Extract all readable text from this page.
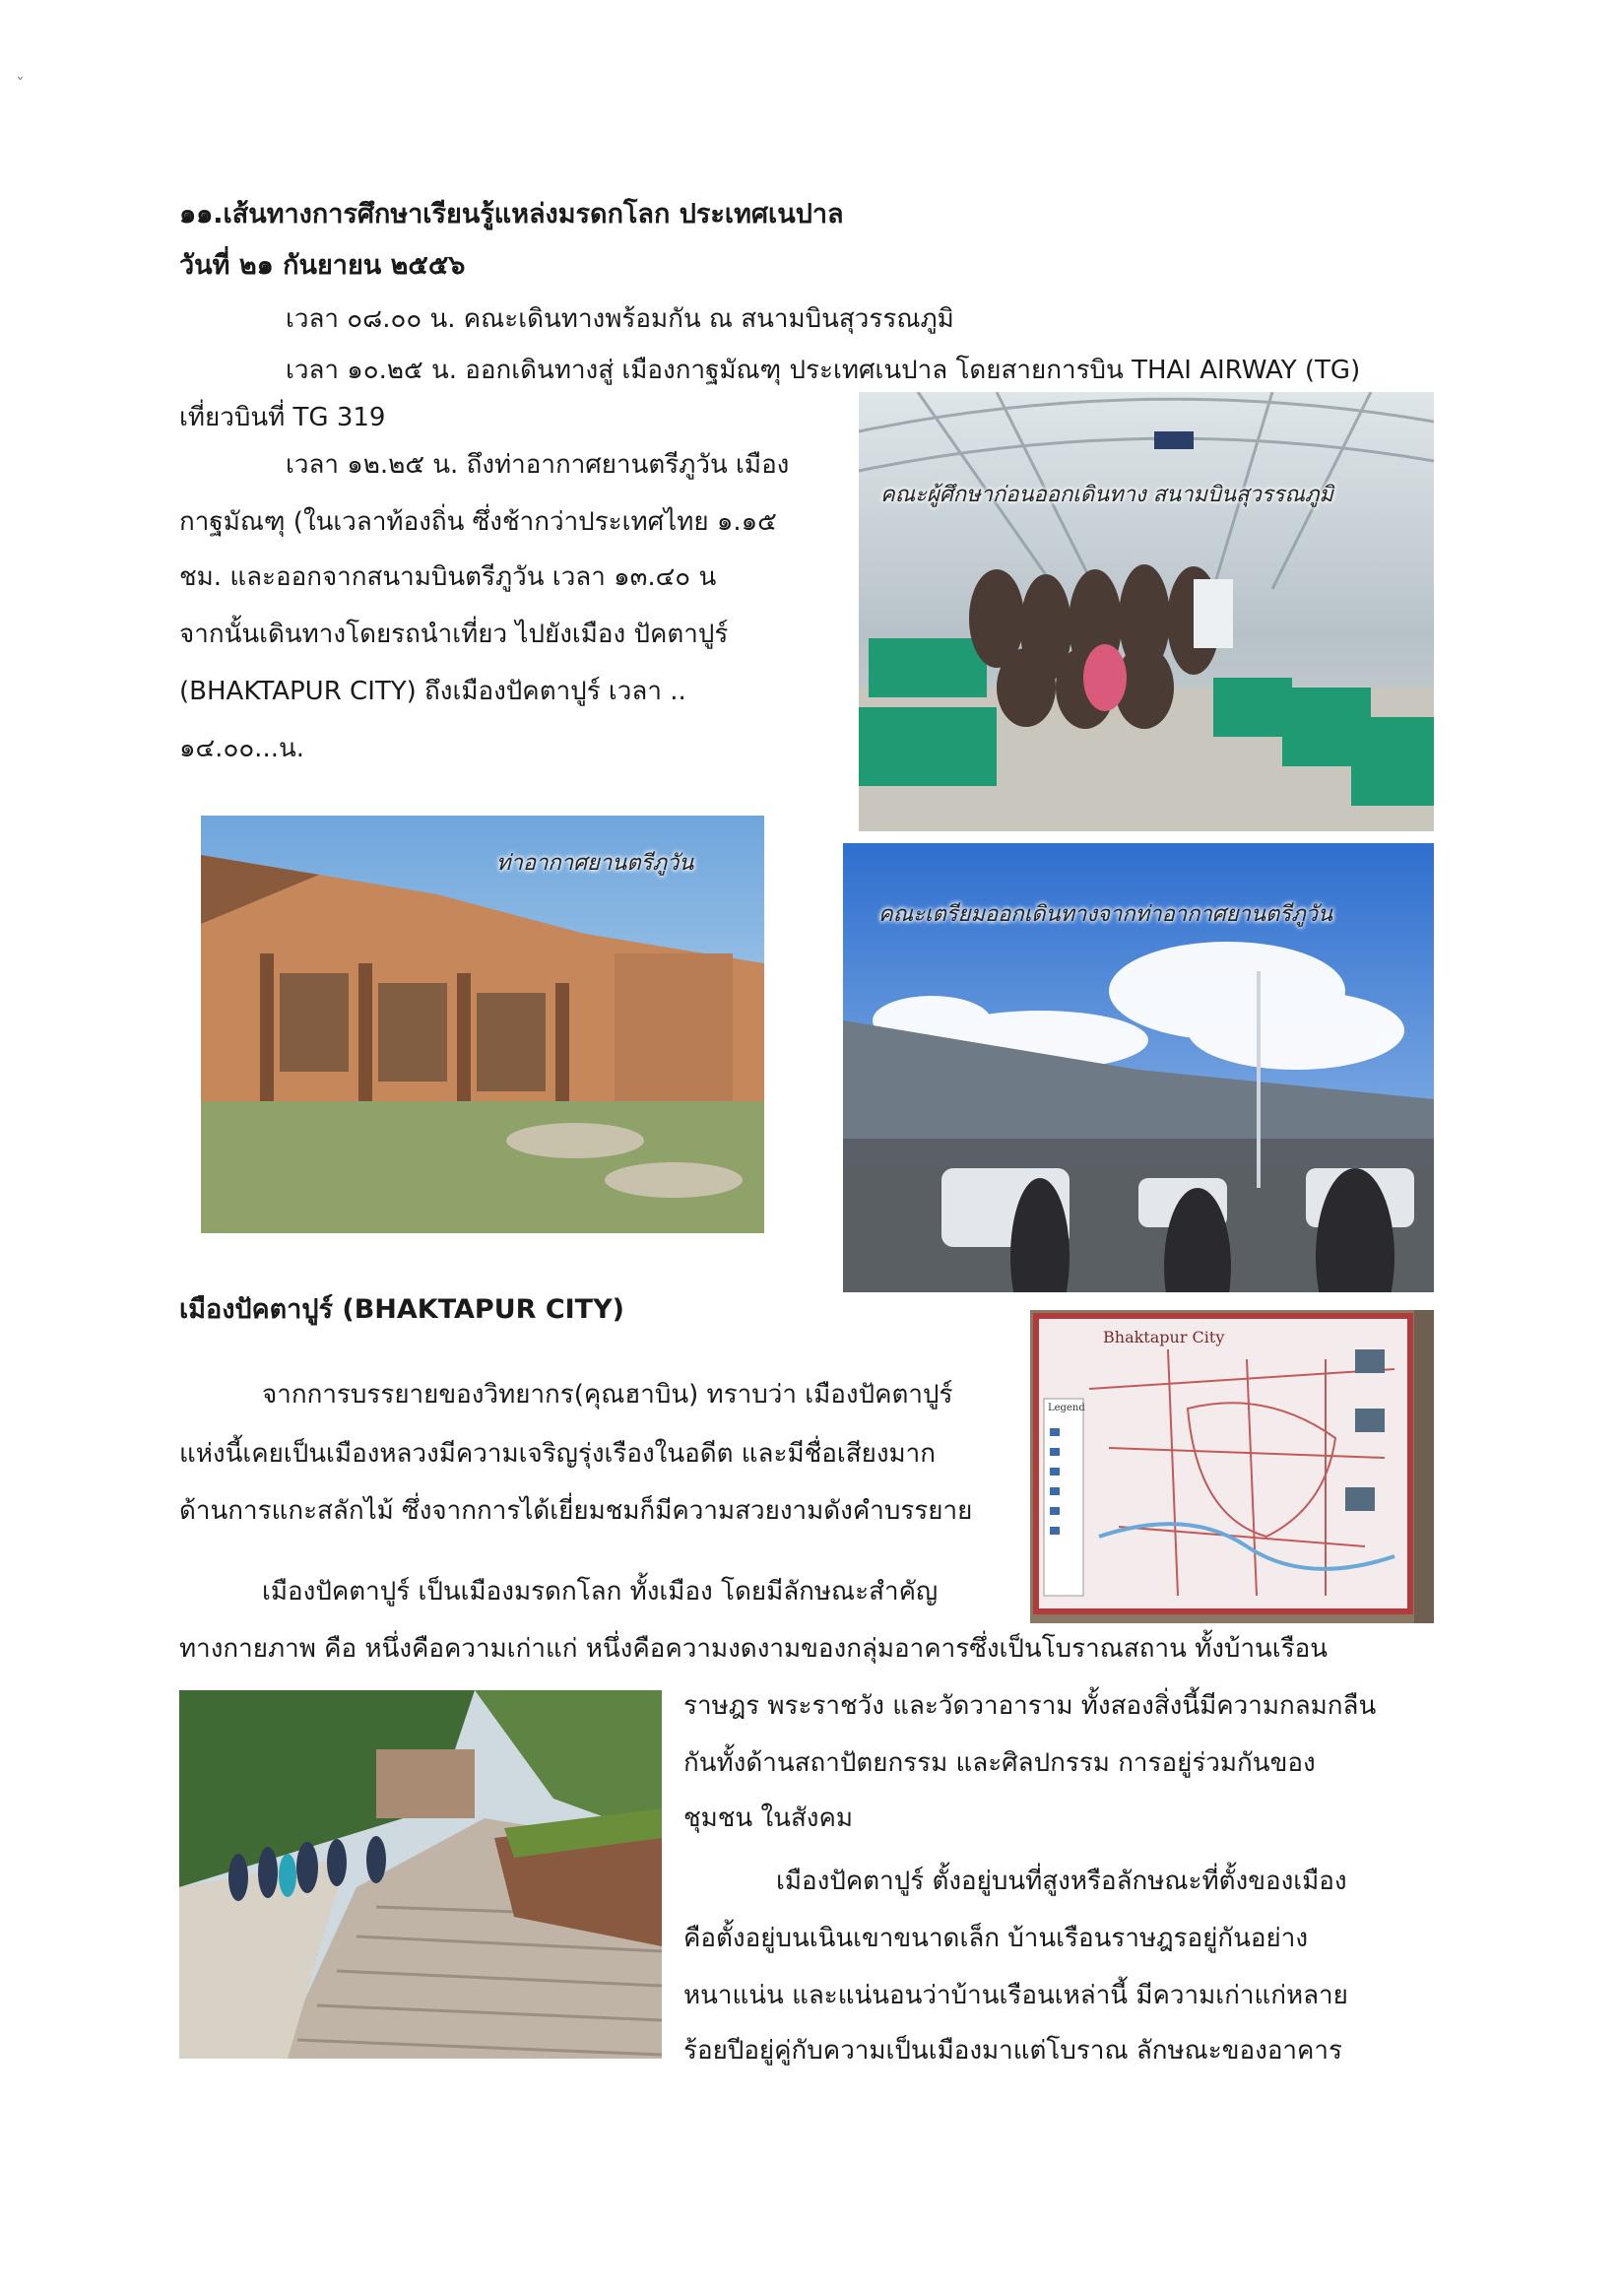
ˇ

๑๑.เส้นทางการศึกษาเรียนรู้แหล่งมรดกโลก ประเทศเนปาล

วันที่ ๒๑ กันยายน ๒๕๕๖

เวลา ๐๘.๐๐ น. คณะเดินทางพร้อมกัน ณ สนามบินสุวรรณภูมิ

เวลา ๑๐.๒๕ น. ออกเดินทางสู่ เมืองกาฐมัณฑุ ประเทศเนปาล โดยสายการบิน THAI AIRWAY (TG)

เที่ยวบินที่ TG 319

เวลา ๑๒.๒๕ น. ถึงท่าอากาศยานตรีภูวัน เมือง

กาฐมัณฑุ (ในเวลาท้องถิ่น ซึ่งช้ากว่าประเทศไทย ๑.๑๕

ชม. และออกจากสนามบินตรีภูวัน เวลา ๑๓.๔๐ น

จากนั้นเดินทางโดยรถนำเที่ยว ไปยังเมือง ปัคตาปูร์

(BHAKTAPUR CITY) ถึงเมืองปัคตาปูร์ เวลา ..

๑๔.๐๐...น.

คณะผู้ศึกษาก่อนออกเดินทาง สนามบินสุวรรณภูมิ
ท่าอากาศยานตรีภูวัน
คณะเตรียมออกเดินทางจากท่าอากาศยานตรีภูวัน

เมืองปัคตาปูร์ (BHAKTAPUR CITY)

จากการบรรยายของวิทยากร(คุณฮาบิน) ทราบว่า เมืองปัคตาปูร์

แห่งนี้เคยเป็นเมืองหลวงมีความเจริญรุ่งเรืองในอดีต และมีชื่อเสียงมาก

ด้านการแกะสลักไม้ ซึ่งจากการได้เยี่ยมชมก็มีความสวยงามดังคำบรรยาย

Bhaktapur City
Legend

เมืองปัคตาปูร์ เป็นเมืองมรดกโลก ทั้งเมือง โดยมีลักษณะสำคัญ

ทางกายภาพ คือ หนึ่งคือความเก่าแก่ หนึ่งคือความงดงามของกลุ่มอาคารซึ่งเป็นโบราณสถาน ทั้งบ้านเรือน

ราษฎร พระราชวัง และวัดวาอาราม ทั้งสองสิ่งนี้มีความกลมกลืน

กันทั้งด้านสถาปัตยกรรม และศิลปกรรม การอยู่ร่วมกันของ

ชุมชน ในสังคม

เมืองปัคตาปูร์ ตั้งอยู่บนที่สูงหรือลักษณะที่ตั้งของเมือง

คือตั้งอยู่บนเนินเขาขนาดเล็ก บ้านเรือนราษฎรอยู่กันอย่าง

หนาแน่น และแน่นอนว่าบ้านเรือนเหล่านี้ มีความเก่าแก่หลาย

ร้อยปีอยู่คู่กับความเป็นเมืองมาแต่โบราณ ลักษณะของอาคาร
